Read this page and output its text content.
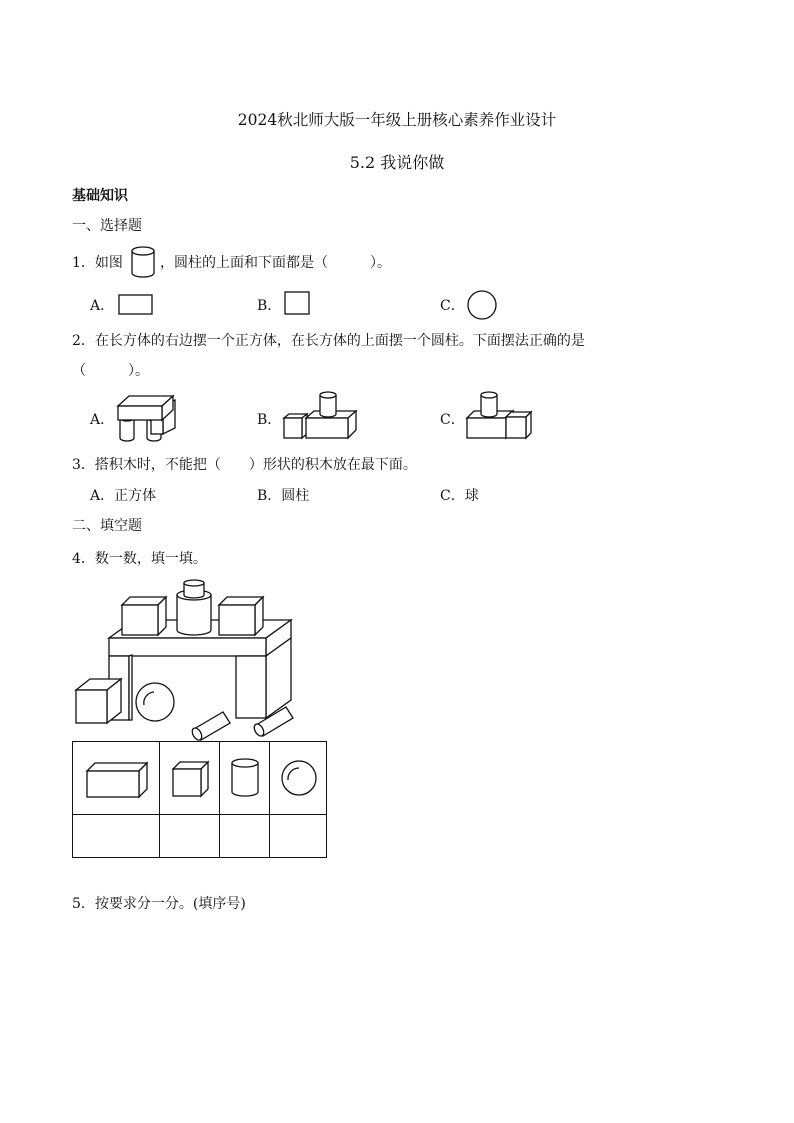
2024秋北师大版一年级上册核心素养作业设计
5.2 我说你做
基础知识
一、选择题
1．如图	，圆柱的上面和下面都是（　　　）。
A．	B．	C．
2．在长方体的右边摆一个正方体，在长方体的上面摆一个圆柱。下面摆法正确的是
（　　　）。
A．	B．	C．
3．搭积木时，不能把（　　）形状的积木放在最下面。
A．正方体	B．圆柱	C．球
二、填空题
4．数一数，填一填。

5．按要求分一分。(填序号)
